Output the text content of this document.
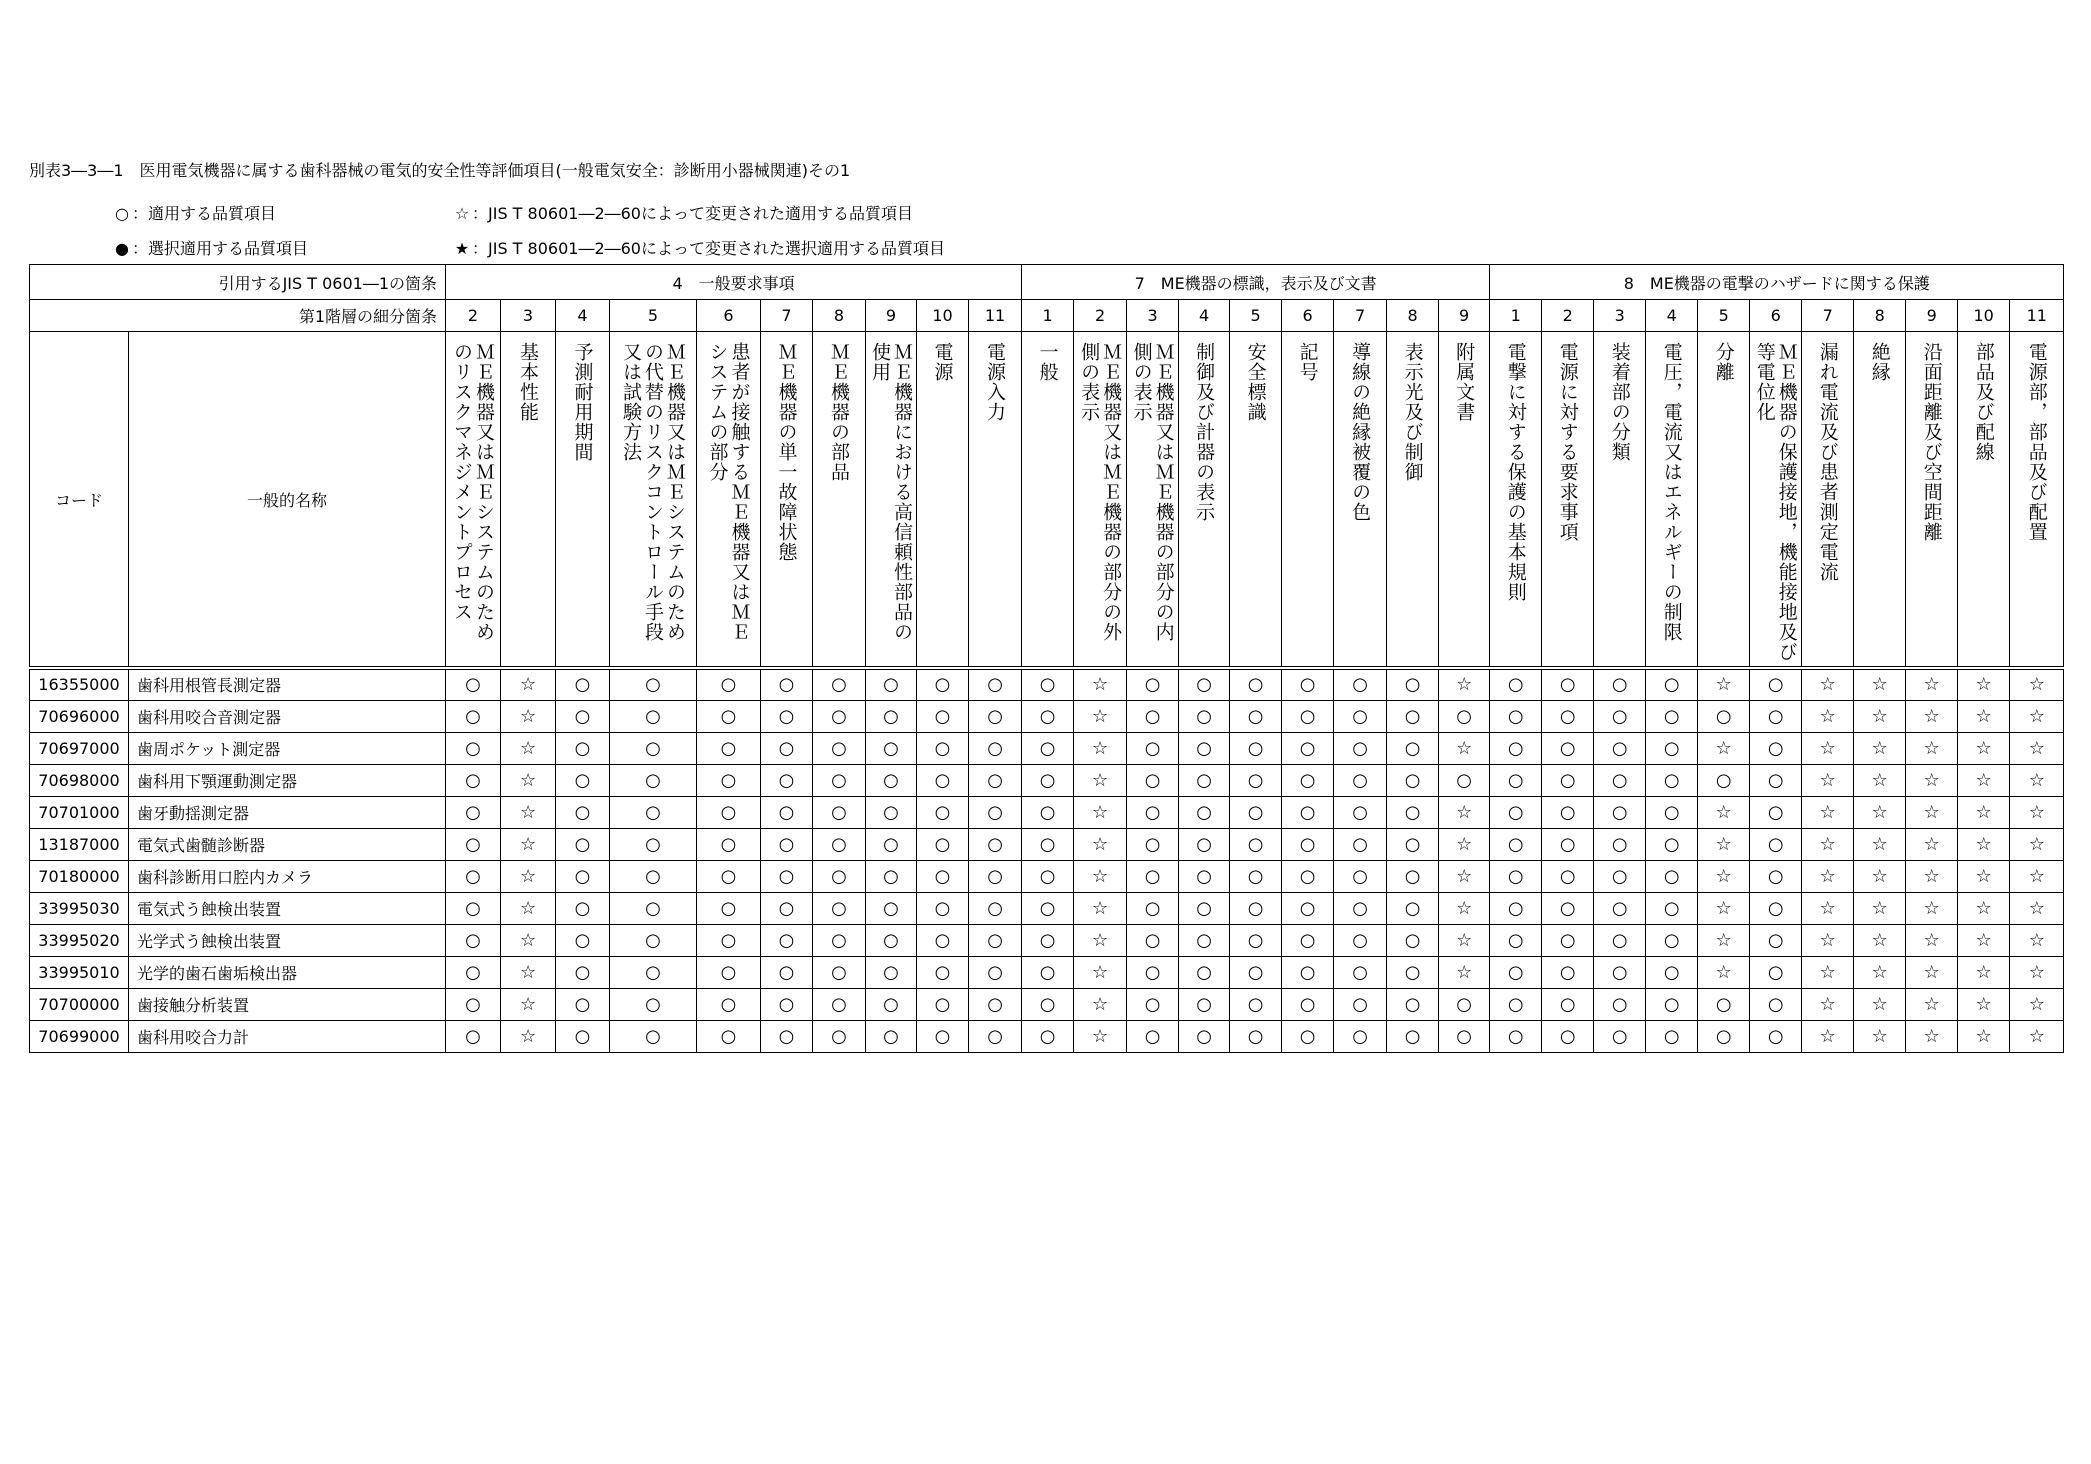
別表3―3―1　医用電気機器に属する歯科器械の電気的安全性等評価項目(一般電気安全：診断用小器械関連)その1
○ ：適用する品質項目	☆ ：JIS T 80601―2―60によって変更された適用する品質項目
● ：選択適用する品質項目	★ ：JIS T 80601―2―60によって変更された選択適用する品質項目
引用するJIS T 0601―1の箇条		4　一般要求事項										7　ME機器の標識，表示及び文書									8　ME機器の電撃のハザードに関する保護										
第1階層の細分箇条		2	3	4	5	6	7	8	9	10	11	1	2	3	4	5	6	7	8	9	1	2	3	4	5	6	7	8	9	10	11
コード	一般的名称	ＭＥ機器又はＭＥシステムのため
のリスクマネジメントプロセス	基本性能	予測耐用期間	ＭＥ機器又はＭＥシステムのため
の代替のリスクコントロール手段
又は試験方法	患者が接触するＭＥ機器又はＭＥ
システムの部分	ＭＥ機器の単一故障状態	ＭＥ機器の部品	ＭＥ機器における高信頼性部品の
使用	電源	電源入力	一般	ＭＥ機器又はＭＥ機器の部分の外
側の表示	ＭＥ機器又はＭＥ機器の部分の内
側の表示	制御及び計器の表示	安全標識	記号	導線の絶縁被覆の色	表示光及び制御	附属文書	電撃に対する保護の基本規則	電源に対する要求事項	装着部の分類	電圧，電流又はエネルギーの制限	分離	ＭＥ機器の保護接地，機能接地及び
等電位化	漏れ電流及び患者測定電流	絶縁	沿面距離及び空間距離	部品及び配線	電源部，部品及び配置
16355000	歯科用根管長測定器	○	☆	○	○	○	○	○	○	○	○	○	☆	○	○	○	○	○	○	☆	○	○	○	○	☆	○	☆	☆	☆	☆	☆
70696000	歯科用咬合音測定器	○	☆	○	○	○	○	○	○	○	○	○	☆	○	○	○	○	○	○	○	○	○	○	○	○	○	☆	☆	☆	☆	☆
70697000	歯周ポケット測定器	○	☆	○	○	○	○	○	○	○	○	○	☆	○	○	○	○	○	○	☆	○	○	○	○	☆	○	☆	☆	☆	☆	☆
70698000	歯科用下顎運動測定器	○	☆	○	○	○	○	○	○	○	○	○	☆	○	○	○	○	○	○	○	○	○	○	○	○	○	☆	☆	☆	☆	☆
70701000	歯牙動揺測定器	○	☆	○	○	○	○	○	○	○	○	○	☆	○	○	○	○	○	○	☆	○	○	○	○	☆	○	☆	☆	☆	☆	☆
13187000	電気式歯髄診断器	○	☆	○	○	○	○	○	○	○	○	○	☆	○	○	○	○	○	○	☆	○	○	○	○	☆	○	☆	☆	☆	☆	☆
70180000	歯科診断用口腔内カメラ	○	☆	○	○	○	○	○	○	○	○	○	☆	○	○	○	○	○	○	☆	○	○	○	○	☆	○	☆	☆	☆	☆	☆
33995030	電気式う蝕検出装置	○	☆	○	○	○	○	○	○	○	○	○	☆	○	○	○	○	○	○	☆	○	○	○	○	☆	○	☆	☆	☆	☆	☆
33995020	光学式う蝕検出装置	○	☆	○	○	○	○	○	○	○	○	○	☆	○	○	○	○	○	○	☆	○	○	○	○	☆	○	☆	☆	☆	☆	☆
33995010	光学的歯石歯垢検出器	○	☆	○	○	○	○	○	○	○	○	○	☆	○	○	○	○	○	○	☆	○	○	○	○	☆	○	☆	☆	☆	☆	☆
70700000	歯接触分析装置	○	☆	○	○	○	○	○	○	○	○	○	☆	○	○	○	○	○	○	○	○	○	○	○	○	○	☆	☆	☆	☆	☆
70699000	歯科用咬合力計	○	☆	○	○	○	○	○	○	○	○	○	☆	○	○	○	○	○	○	○	○	○	○	○	○	○	☆	☆	☆	☆	☆
